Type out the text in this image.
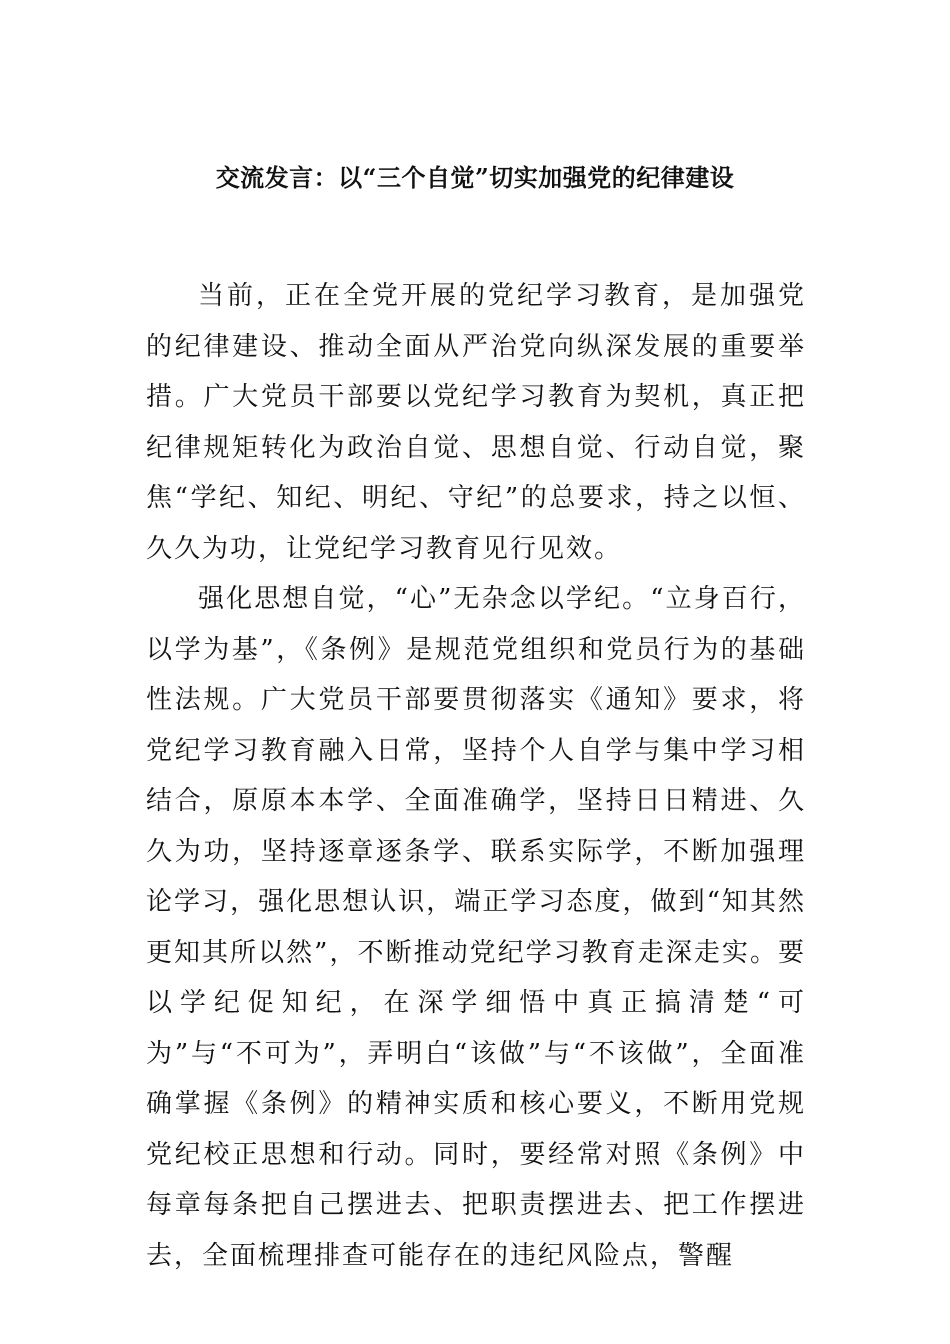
交流发言：以“三个自觉”切实加强党的纪律建设

当前，正在全党开展的党纪学习教育，是加强党的纪律建设、推动全面从严治党向纵深发展的重要举措。广大党员干部要以党纪学习教育为契机，真正把纪律规矩转化为政治自觉、思想自觉、行动自觉，聚焦“学纪、知纪、明纪、守纪”的总要求，持之以恒、久久为功，让党纪学习教育见行见效。

强化思想自觉，“心”无杂念以学纪。“立身百行，以学为基”，《条例》是规范党组织和党员行为的基础性法规。广大党员干部要贯彻落实《通知》要求，将党纪学习教育融入日常，坚持个人自学与集中学习相结合，原原本本学、全面准确学，坚持日日精进、久久为功，坚持逐章逐条学、联系实际学，不断加强理论学习，强化思想认识，端正学习态度，做到“知其然更知其所以然”，不断推动党纪学习教育走深走实。要以学纪促知纪，在深学细悟中真正搞清楚“可为”与“不可为”，弄明白“该做”与“不该做”，全面准确掌握《条例》的精神实质和核心要义，不断用党规党纪校正思想和行动。同时，要经常对照《条例》中每章每条把自己摆进去、把职责摆进去、把工作摆进去，全面梳理排查可能存在的违纪风险点，警醒
